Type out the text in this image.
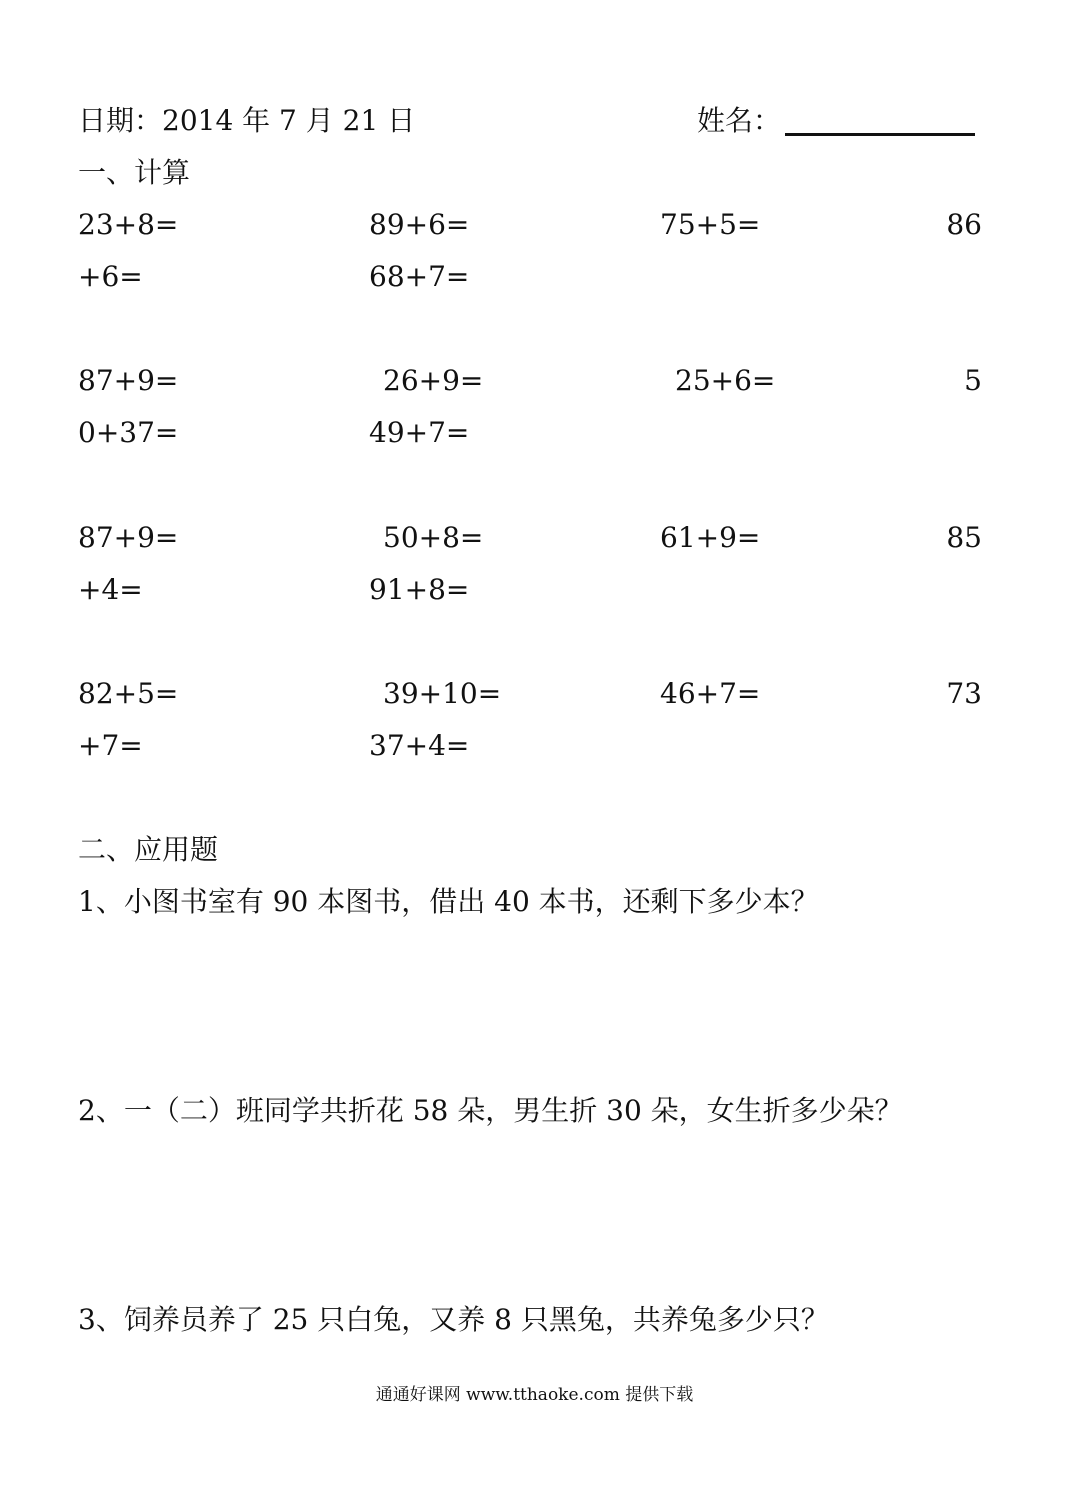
日期：2014 年 7 月 21 日	姓名：
一、计算
23+8=	89+6=	75+5=	86
+6=	68+7=
87+9=	26+9=	25+6=	5
0+37=	49+7=
87+9=	50+8=	61+9=	85
+4=	91+8=
82+5=	39+10=	46+7=	73
+7=	37+4=
二、应用题
1、小图书室有 90 本图书，借出 40 本书，还剩下多少本？
2、一（二）班同学共折花 58 朵，男生折 30 朵，女生折多少朵？
3、饲养员养了 25 只白兔，又养 8 只黑兔，共养兔多少只？
通通好课网 www.tthaoke.com 提供下载
